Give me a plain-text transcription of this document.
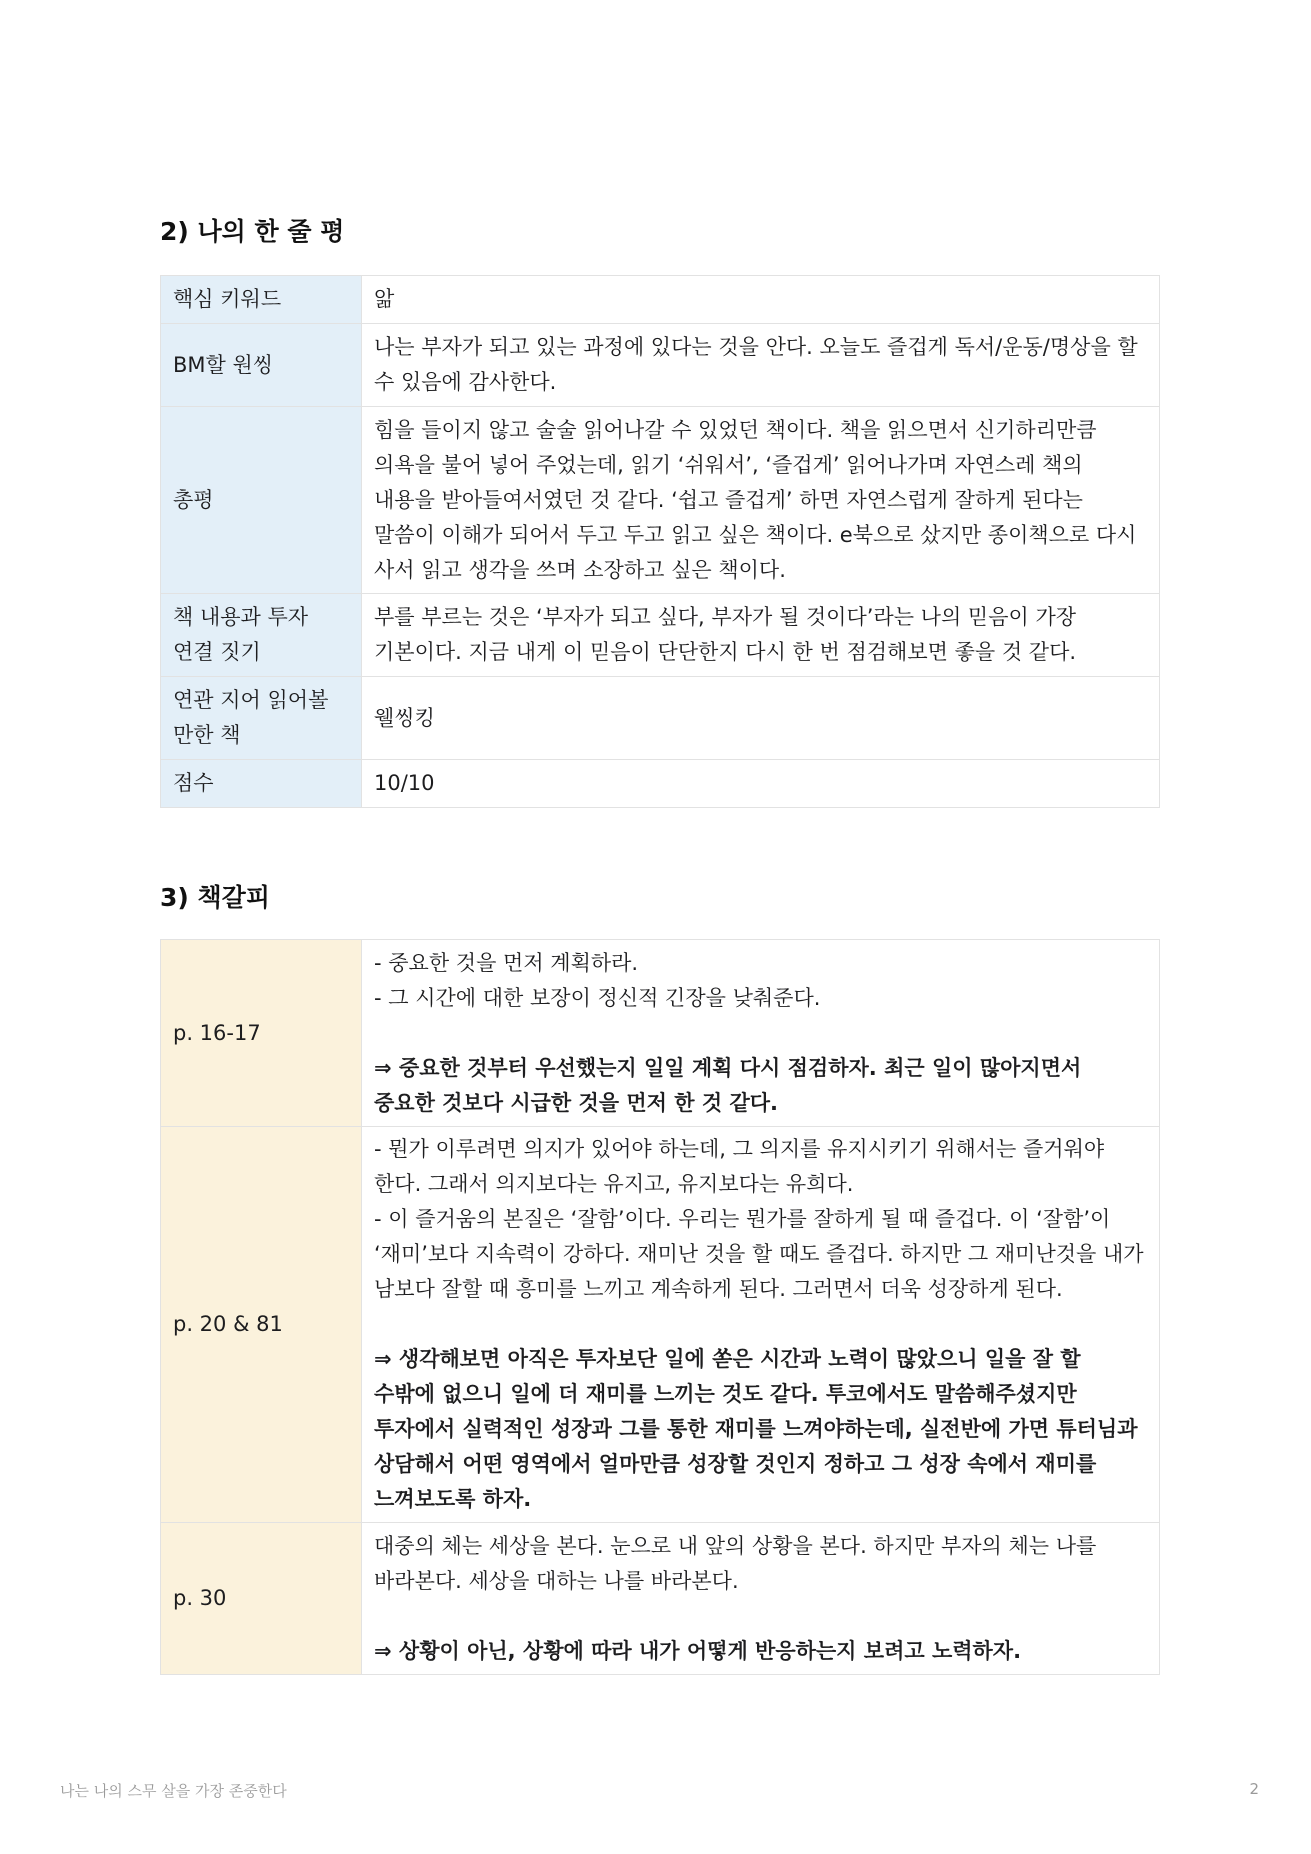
2) 나의 한 줄 평
핵심 키워드	앎
BM할 원씽	나는 부자가 되고 있는 과정에 있다는 것을 안다. 오늘도 즐겁게 독서/운동/명상을 할 수 있음에 감사한다.
총평	힘을 들이지 않고 술술 읽어나갈 수 있었던 책이다. 책을 읽으면서 신기하리만큼 의욕을 불어 넣어 주었는데, 읽기 ‘쉬워서’, ‘즐겁게’ 읽어나가며 자연스레 책의 내용을 받아들여서였던 것 같다. ‘쉽고 즐겁게’ 하면 자연스럽게 잘하게 된다는 말씀이 이해가 되어서 두고 두고 읽고 싶은 책이다. e북으로 샀지만 종이책으로 다시 사서 읽고 생각을 쓰며 소장하고 싶은 책이다.
책 내용과 투자 연결 짓기	부를 부르는 것은 ‘부자가 되고 싶다, 부자가 될 것이다’라는 나의 믿음이 가장 기본이다. 지금 내게 이 믿음이 단단한지 다시 한 번 점검해보면 좋을 것 같다.
연관 지어 읽어볼 만한 책	웰씽킹
점수	10/10
3) 책갈피
p. 16-17	- 중요한 것을 먼저 계획하라.
- 그 시간에 대한 보장이 정신적 긴장을 낮춰준다.
⇒ 중요한 것부터 우선했는지 일일 계획 다시 점검하자. 최근 일이 많아지면서 중요한 것보다 시급한 것을 먼저 한 것 같다.

p. 20 & 81	- 뭔가 이루려면 의지가 있어야 하는데, 그 의지를 유지시키기 위해서는 즐거워야 한다. 그래서 의지보다는 유지고, 유지보다는 유희다.
- 이 즐거움의 본질은 ‘잘함’이다. 우리는 뭔가를 잘하게 될 때 즐겁다. 이 ‘잘함’이 ‘재미’보다 지속력이 강하다. 재미난 것을 할 때도 즐겁다. 하지만 그 재미난것을 내가 남보다 잘할 때 흥미를 느끼고 계속하게 된다. 그러면서 더욱 성장하게 된다.
⇒ 생각해보면 아직은 투자보단 일에 쏟은 시간과 노력이 많았으니 일을 잘 할 수밖에 없으니 일에 더 재미를 느끼는 것도 같다. 투코에서도 말씀해주셨지만 투자에서 실력적인 성장과 그를 통한 재미를 느껴야하는데, 실전반에 가면 튜터님과 상담해서 어떤 영역에서 얼마만큼 성장할 것인지 정하고 그 성장 속에서 재미를 느껴보도록 하자.

p. 30	대중의 체는 세상을 본다. 눈으로 내 앞의 상황을 본다. 하지만 부자의 체는 나를 바라본다. 세상을 대하는 나를 바라본다.
⇒ 상황이 아닌, 상황에 따라 내가 어떻게 반응하는지 보려고 노력하자.
나는 나의 스무 살을 가장 존중한다	2
